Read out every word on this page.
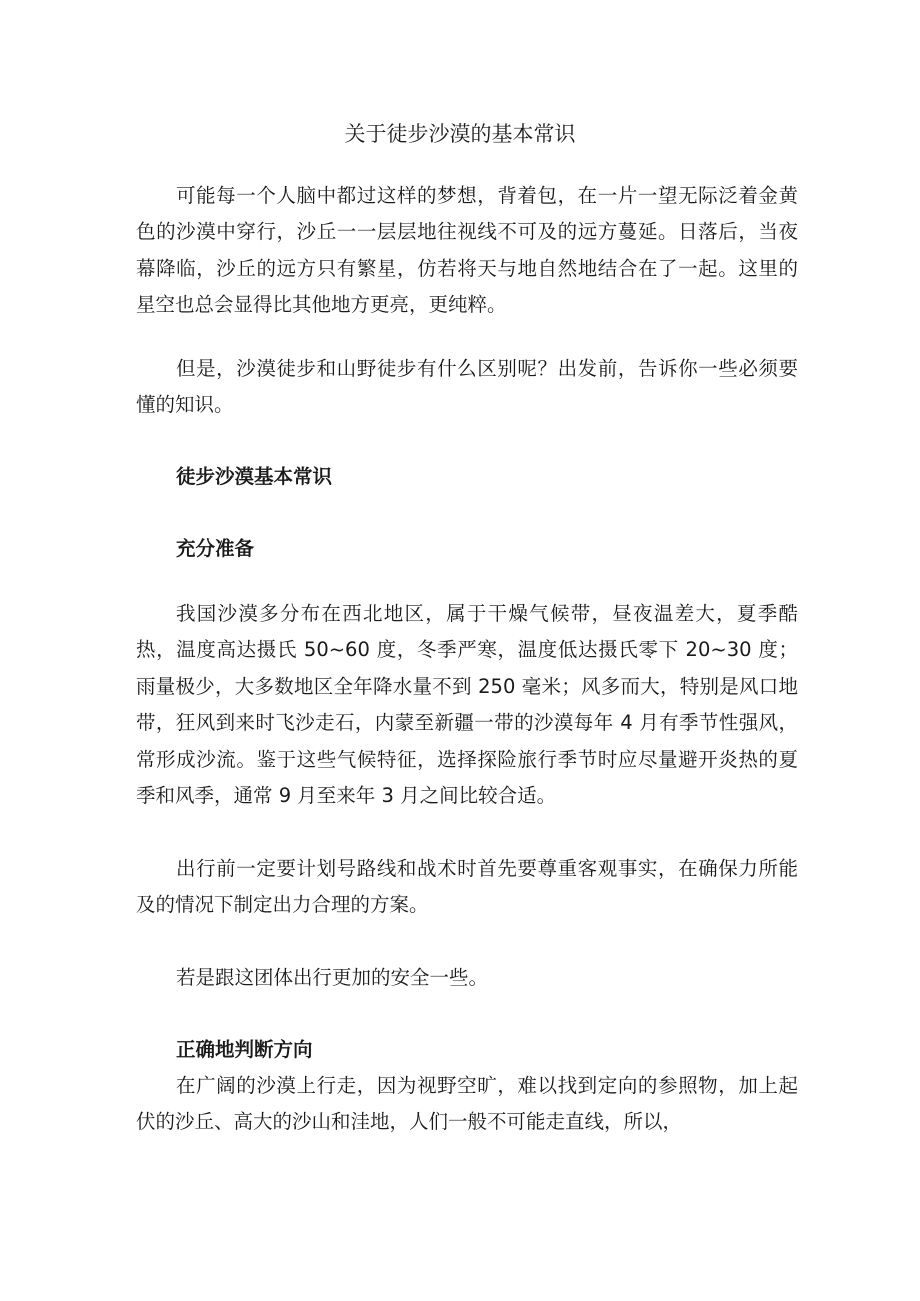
关于徒步沙漠的基本常识

可能每一个人脑中都过这样的梦想，背着包，在一片一望无际泛着金黄色的沙漠中穿行，沙丘一一层层地往视线不可及的远方蔓延。日落后，当夜幕降临，沙丘的远方只有繁星，仿若将天与地自然地结合在了一起。这里的星空也总会显得比其他地方更亮，更纯粹。

但是，沙漠徒步和山野徒步有什么区别呢？出发前，告诉你一些必须要懂的知识。

徒步沙漠基本常识
充分准备

我国沙漠多分布在西北地区，属于干燥气候带，昼夜温差大，夏季酷热，温度高达摄氏 50~60 度，冬季严寒，温度低达摄氏零下 20~30 度；雨量极少，大多数地区全年降水量不到 250 毫米；风多而大，特别是风口地带，狂风到来时飞沙走石，内蒙至新疆一带的沙漠每年 4 月有季节性强风，常形成沙流。鉴于这些气候特征，选择探险旅行季节时应尽量避开炎热的夏季和风季，通常 9 月至来年 3 月之间比较合适。

出行前一定要计划号路线和战术时首先要尊重客观事实，在确保力所能及的情况下制定出力合理的方案。

若是跟这团体出行更加的安全一些。

正确地判断方向

在广阔的沙漠上行走，因为视野空旷，难以找到定向的参照物，加上起伏的沙丘、高大的沙山和洼地，人们一般不可能走直线，所以，
